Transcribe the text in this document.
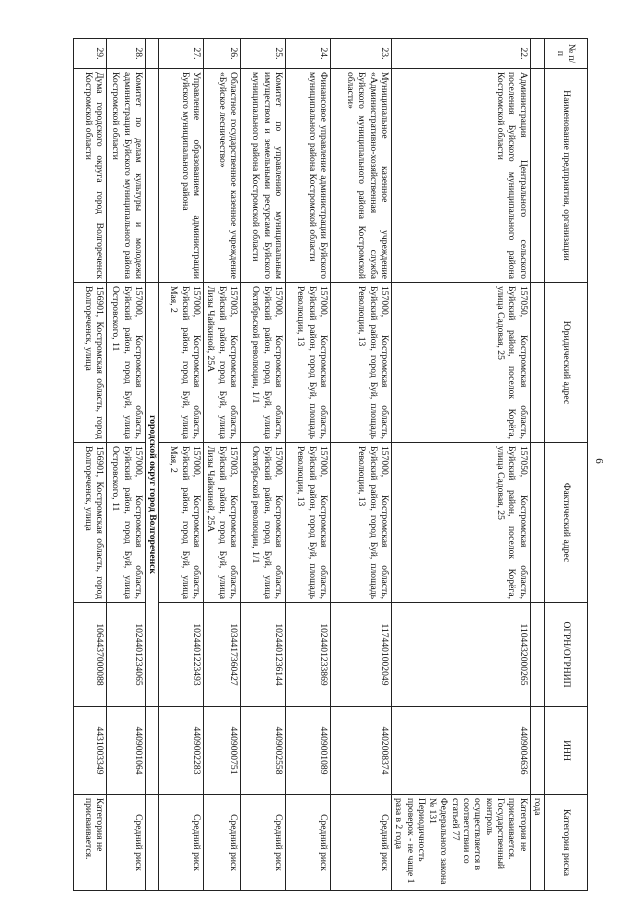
6
№ п/п	Наименование предприятия, организации	Юридический адрес	Фактический адрес	ОГРН/ОГРНИП	ИНН	Категория риска
						года
22.	Администрация Центрального сельского поселения Буйского муниципального района Костромской области	157050, Костромская область, Буйский район, поселок Корёга, улица Садовая, 25	157050, Костромская область, Буйский район, поселок Корёга, улица Садовая, 25	1104432000265	4409004636	Категория не присваивается. Государственный контроль осуществляется в соответствии со статьей 77 Федерального закона № 131 Периодичность проверок - не чаще 1 раза в 2 года
23.	Муниципальное казенное учреждение «Административно-хозяйственная служба Буйского муниципального района Костромской области»	157000, Костромская область, Буйский район, город Буй, площадь Революции, 13	157000, Костромская область, Буйский район, город Буй, площадь Революции, 13	1174401002049	4402008374	Средний риск
24.	Финансовое управление администрации Буйского муниципального района Костромской области	157000, Костромская область, Буйский район, город Буй, площадь Революции, 13	157000, Костромская область, Буйский район, город Буй, площадь Революции, 13	1024401233869	4409001089	Средний риск
25.	Комитет по управлению муниципальным имуществом и земельными ресурсами Буйского муниципального района Костромской области	157000, Костромская область, Буйский район, город Буй, улица Октябрьской революции, 1/1	157000, Костромская область, Буйский район, город Буй, улица Октябрьской революции, 1/1	1024401236144	4409002558	Средний риск
26.	Областное государственное казенное учреждение «Буйское лесничество»	157003, Костромская область, Буйский район, город Буй, улица Лизы Чайкиной, 25А	157003, Костромская область, Буйский район, город Буй, улица Лизы Чайкиной, 25А	1034417360427	4409000751	Средний риск
27.	Управление образованием администрации Буйского муниципального района	157000, Костромская область, Буйский район, город Буй, улица Мая, 2	157000, Костромская область, Буйский район, город Буй, улица Мая, 2	1024401223493	4409002283	Средний риск
		городской округ город Волгореченск				
28.	Комитет по делам культуры и молодежи администрации Буйского муниципального района Костромской области	157000, Костромская область, Буйский район, город Буй, улица Островского, 11	157000, Костромская область, Буйский район, город Буй, улица Островского, 11	1024401234065	4409001064	Средний риск
29.	Дума городского округа город Волгореченск Костромской области	156901, Костромская область, город Волгореченск, улица	156901, Костромская область, город Волгореченск, улица	1064437000088	4431003349	Категория не присваивается.
